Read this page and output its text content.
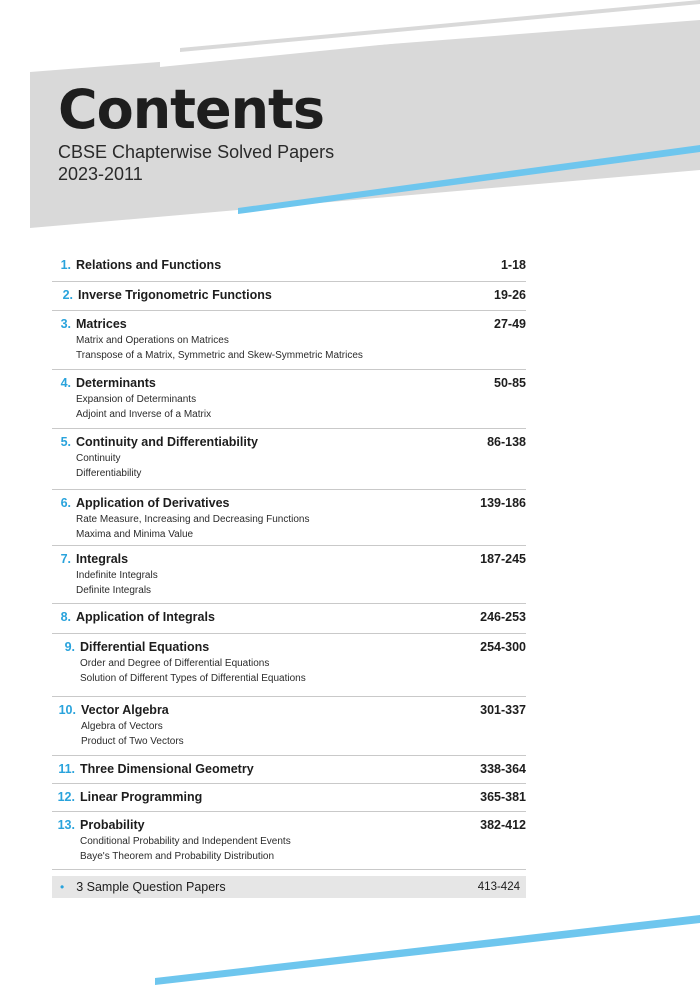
Contents
CBSE Chapterwise Solved Papers
2023-2011
1. Relations and Functions	1-18
2. Inverse Trigonometric Functions	19-26
3. Matrices	27-49
Matrix and Operations on Matrices
Transpose of a Matrix, Symmetric and Skew-Symmetric Matrices
4. Determinants	50-85
Expansion of Determinants
Adjoint and Inverse of a Matrix
5. Continuity and Differentiability	86-138
Continuity
Differentiability
6. Application of Derivatives	139-186
Rate Measure, Increasing and Decreasing Functions
Maxima and Minima Value
7. Integrals	187-245
Indefinite Integrals
Definite Integrals
8. Application of Integrals	246-253
9. Differential Equations	254-300
Order and Degree of Differential Equations
Solution of Different Types of Differential Equations
10. Vector Algebra	301-337
Algebra of Vectors
Product of Two Vectors
11. Three Dimensional Geometry	338-364
12. Linear Programming	365-381
13. Probability	382-412
Conditional Probability and Independent Events
Baye's Theorem and Probability Distribution
• 3 Sample Question Papers	413-424
